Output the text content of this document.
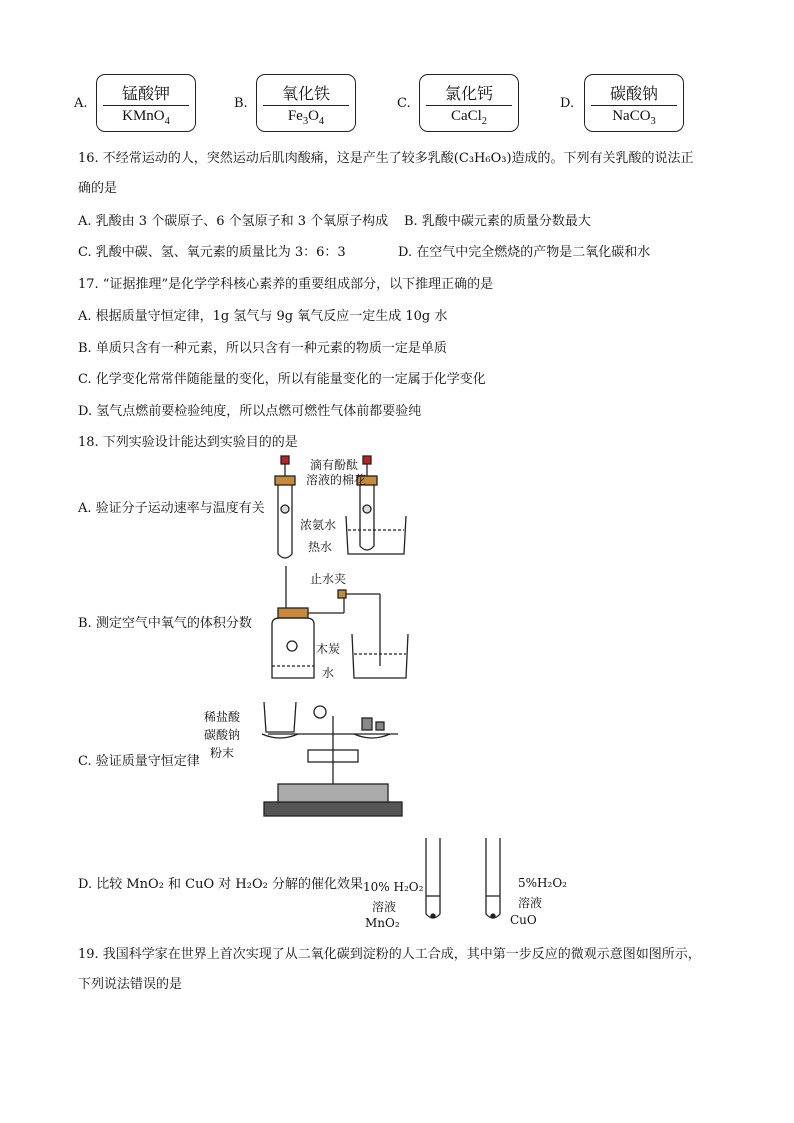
A.
锰酸钾
KMnO$_4$
B.
氧化铁
$Fe_3O_4$
C.
氯化钙
CaCl$_2$
D.
碳酸钠
NaCO$_3$
16. 不经常运动的人，突然运动后肌肉酸痛，这是产生了较多乳酸(C₃H₆O₃)造成的。下列有关乳酸的说法正
确的是
A. 乳酸由 3 个碳原子、6 个氢原子和 3 个氧原子构成 B. 乳酸中碳元素的质量分数最大
C. 乳酸中碳、氢、氧元素的质量比为 3：6：3	D. 在空气中完全燃烧的产物是二氧化碳和水
17. “证据推理”是化学学科核心素养的重要组成部分，以下推理正确的是
A. 根据质量守恒定律，1g 氢气与 9g 氧气反应一定生成 10g 水
B. 单质只含有一种元素，所以只含有一种元素的物质一定是单质
C. 化学变化常常伴随能量的变化，所以有能量变化的一定属于化学变化
D. 氢气点燃前要检验纯度，所以点燃可燃性气体前都要验纯
18. 下列实验设计能达到实验目的的是
A. 验证分子运动速率与温度有关
B. 测定空气中氧气的体积分数
C. 验证质量守恒定律
D. 比较 MnO₂ 和 CuO 对 H₂O₂ 分解的催化效果
滴有酚酞
溶液的棉花
浓氨水
热水
止水夹
木炭
水
稀盐酸
碳酸钠
粉末
10% H₂O₂
溶液
MnO₂
5%H₂O₂
溶液
CuO
19. 我国科学家在世界上首次实现了从二氧化碳到淀粉的人工合成，其中第一步反应的微观示意图如图所示，
下列说法错误的是
